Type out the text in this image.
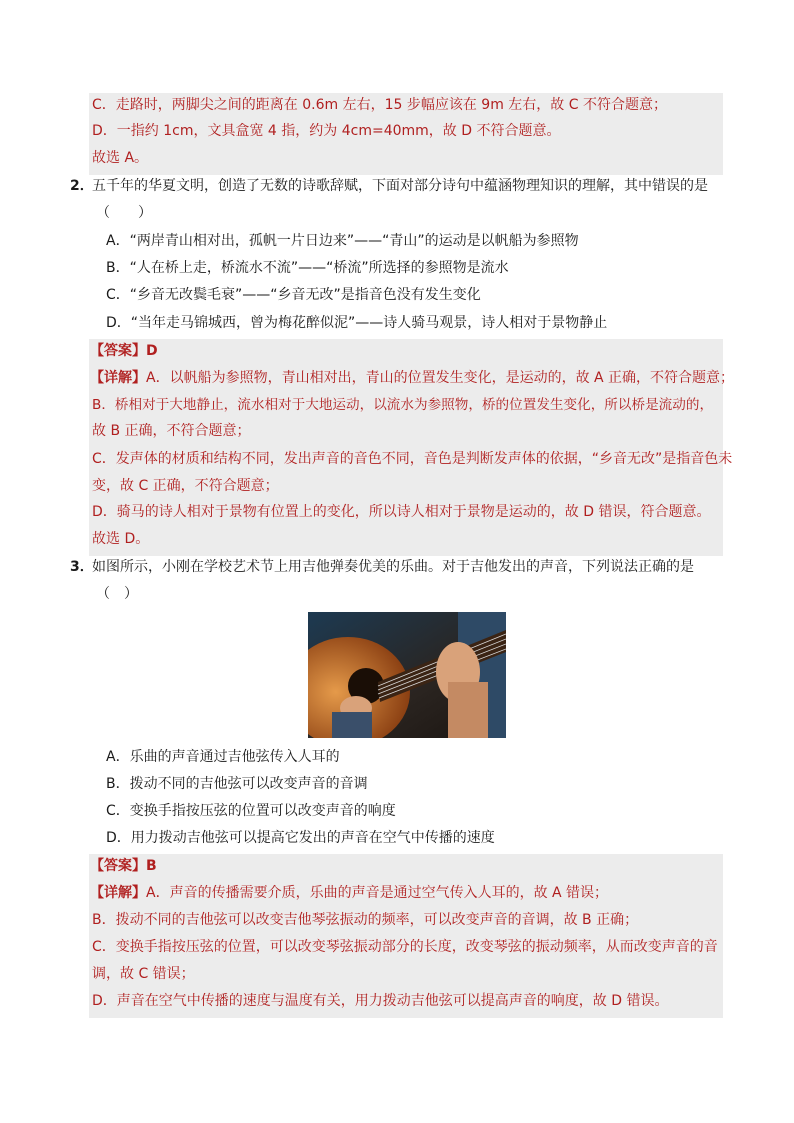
C．走路时，两脚尖之间的距离在 0.6m 左右，15 步幅应该在 9m 左右，故 C 不符合题意；
D．一指约 1cm，文具盒宽 4 指，约为 4cm=40mm，故 D 不符合题意。
故选 A。
2．
五千年的华夏文明，创造了无数的诗歌辞赋，下面对部分诗句中蕴涵物理知识的理解，其中错误的是
（　　）
A．“两岸青山相对出，孤帆一片日边来”——“青山”的运动是以帆船为参照物
B．“人在桥上走，桥流水不流”——“桥流”所选择的参照物是流水
C．“乡音无改鬓毛衰”——“乡音无改”是指音色没有发生变化
D．“当年走马锦城西，曾为梅花醉似泥”——诗人骑马观景，诗人相对于景物静止
【答案】D
【详解】A．以帆船为参照物，青山相对出，青山的位置发生变化，是运动的，故 A 正确，不符合题意；
B．桥相对于大地静止，流水相对于大地运动，以流水为参照物，桥的位置发生变化，所以桥是流动的，
故 B 正确，不符合题意；
C．发声体的材质和结构不同，发出声音的音色不同，音色是判断发声体的依据，“乡音无改”是指音色未
变，故 C 正确，不符合题意；
D．骑马的诗人相对于景物有位置上的变化，所以诗人相对于景物是运动的，故 D 错误，符合题意。
故选 D。
3．
如图所示，小刚在学校艺术节上用吉他弹奏优美的乐曲。对于吉他发出的声音，下列说法正确的是
（　）
A．乐曲的声音通过吉他弦传入人耳的
B．拨动不同的吉他弦可以改变声音的音调
C．变换手指按压弦的位置可以改变声音的响度
D．用力拨动吉他弦可以提高它发出的声音在空气中传播的速度
【答案】B
【详解】A．声音的传播需要介质，乐曲的声音是通过空气传入人耳的，故 A 错误；
B．拨动不同的吉他弦可以改变吉他琴弦振动的频率，可以改变声音的音调，故 B 正确；
C．变换手指按压弦的位置，可以改变琴弦振动部分的长度，改变琴弦的振动频率，从而改变声音的音
调，故 C 错误；
D．声音在空气中传播的速度与温度有关，用力拨动吉他弦可以提高声音的响度，故 D 错误。
